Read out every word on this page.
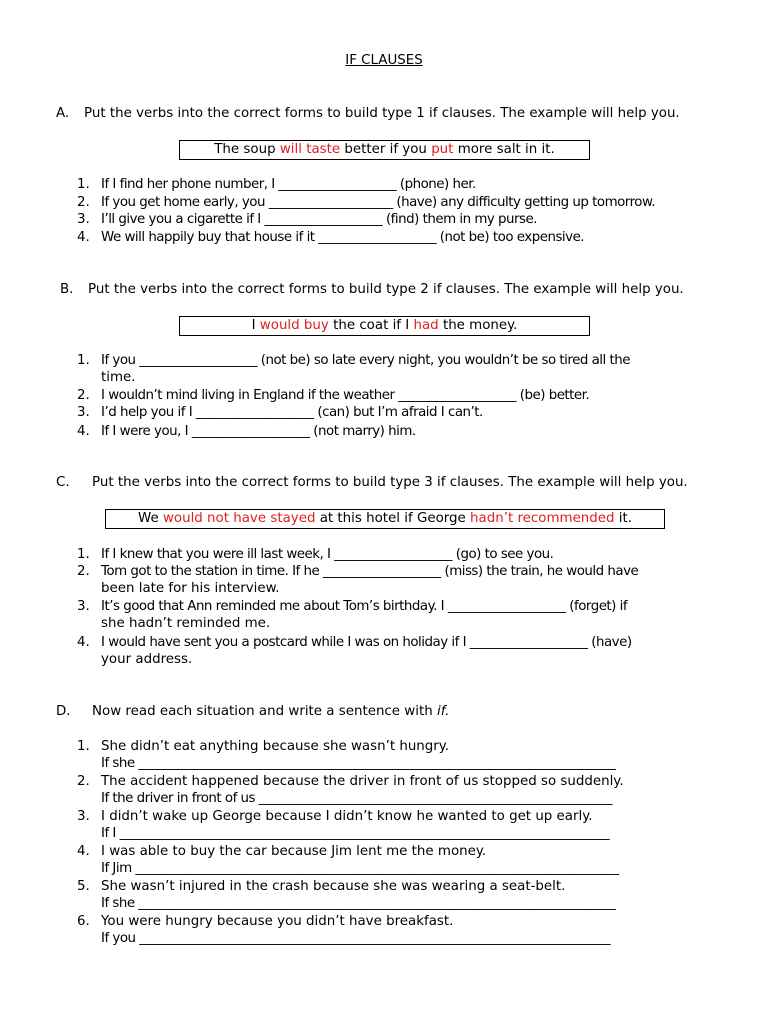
IF CLAUSES
A. Put the verbs into the correct forms to build type 1 if clauses. The example will help you.
The soup will taste better if you put more salt in it.
1. If I find her phone number, I ___________________ (phone) her.
2. If you get home early, you ____________________ (have) any difficulty getting up tomorrow.
3. I’ll give you a cigarette if I ___________________ (find) them in my purse.
4. We will happily buy that house if it ___________________ (not be) too expensive.
B. Put the verbs into the correct forms to build type 2 if clauses. The example will help you.
I would buy the coat if I had the money.
1. If you ___________________ (not be) so late every night, you wouldn’t be so tired all the
time.
2. I wouldn’t mind living in England if the weather ___________________ (be) better.
3. I’d help you if I ___________________ (can) but I’m afraid I can’t.
4. If I were you, I ___________________ (not marry) him.
C. Put the verbs into the correct forms to build type 3 if clauses. The example will help you.
We would not have stayed at this hotel if George hadn’t recommended it.
1. If I knew that you were ill last week, I ___________________ (go) to see you.
2. Tom got to the station in time. If he ___________________ (miss) the train, he would have
been late for his interview.
3. It’s good that Ann reminded me about Tom’s birthday. I ___________________ (forget) if
she hadn’t reminded me.
4. I would have sent you a postcard while I was on holiday if I ___________________ (have)
your address.
D. Now read each situation and write a sentence with if.
1. She didn’t eat anything because she wasn’t hungry.
If she _____________________________________________________________________________
2. The accident happened because the driver in front of us stopped so suddenly.
If the driver in front of us _________________________________________________________
3. I didn’t wake up George because I didn’t know he wanted to get up early.
If I _______________________________________________________________________________
4. I was able to buy the car because Jim lent me the money.
If Jim ______________________________________________________________________________
5. She wasn’t injured in the crash because she was wearing a seat-belt.
If she _____________________________________________________________________________
6. You were hungry because you didn’t have breakfast.
If you ____________________________________________________________________________
